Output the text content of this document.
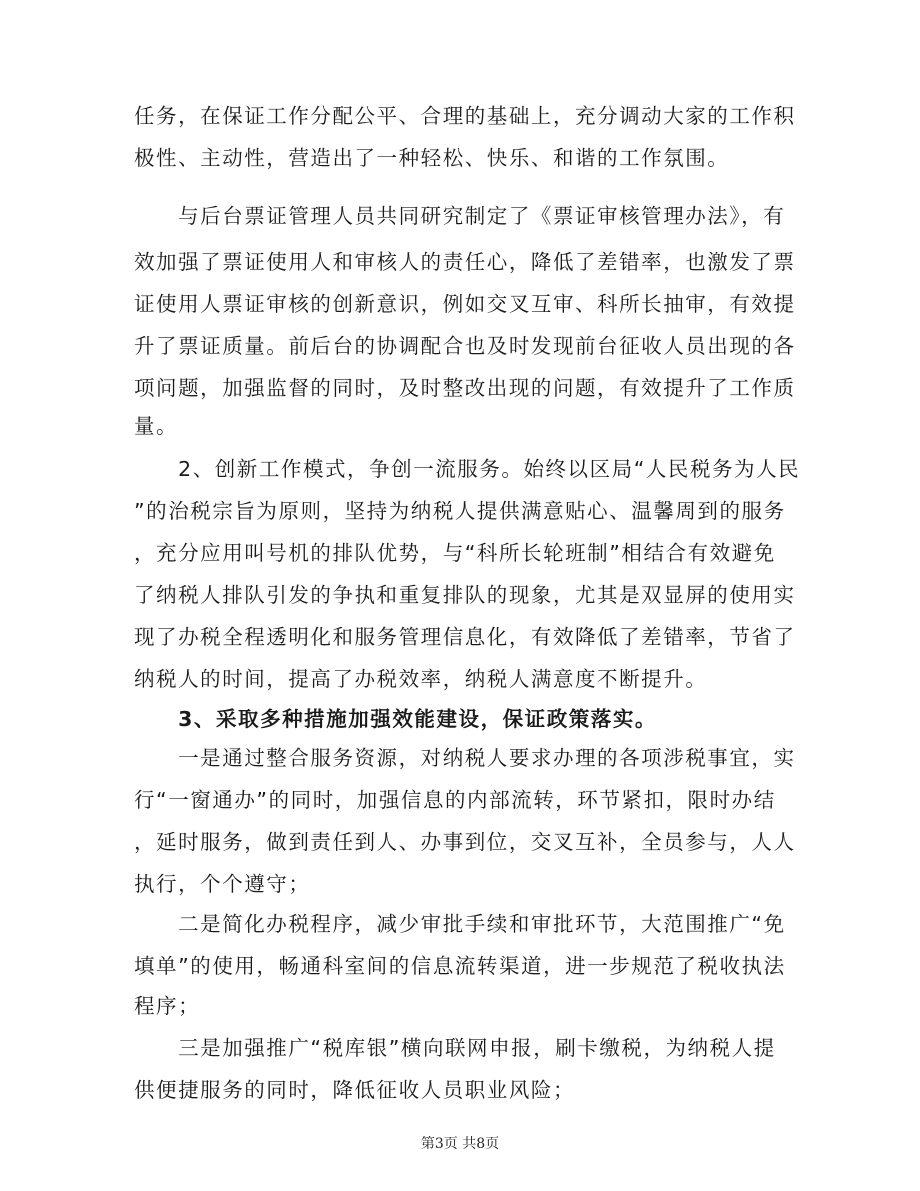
任务，在保证工作分配公平、合理的基础上，充分调动大家的工作积
极性、主动性，营造出了一种轻松、快乐、和谐的工作氛围。
　　与后台票证管理人员共同研究制定了《票证审核管理办法》，有
效加强了票证使用人和审核人的责任心，降低了差错率，也激发了票
证使用人票证审核的创新意识，例如交叉互审、科所长抽审，有效提
升了票证质量。前后台的协调配合也及时发现前台征收人员出现的各
项问题，加强监督的同时，及时整改出现的问题，有效提升了工作质
量。
　　2、创新工作模式，争创一流服务。始终以区局“人民税务为人民
”的治税宗旨为原则，坚持为纳税人提供满意贴心、温馨周到的服务
，充分应用叫号机的排队优势，与“科所长轮班制”相结合有效避免
了纳税人排队引发的争执和重复排队的现象，尤其是双显屏的使用实
现了办税全程透明化和服务管理信息化，有效降低了差错率，节省了
纳税人的时间，提高了办税效率，纳税人满意度不断提升。
　　3、采取多种措施加强效能建设，保证政策落实。
　　一是通过整合服务资源，对纳税人要求办理的各项涉税事宜，实
行“一窗通办”的同时，加强信息的内部流转，环节紧扣，限时办结
，延时服务，做到责任到人、办事到位，交叉互补，全员参与，人人
执行，个个遵守；
　　二是简化办税程序，减少审批手续和审批环节，大范围推广“免
填单”的使用，畅通科室间的信息流转渠道，进一步规范了税收执法
程序；
　　三是加强推广“税库银”横向联网申报，刷卡缴税，为纳税人提
供便捷服务的同时，降低征收人员职业风险；
第3页 共8页
